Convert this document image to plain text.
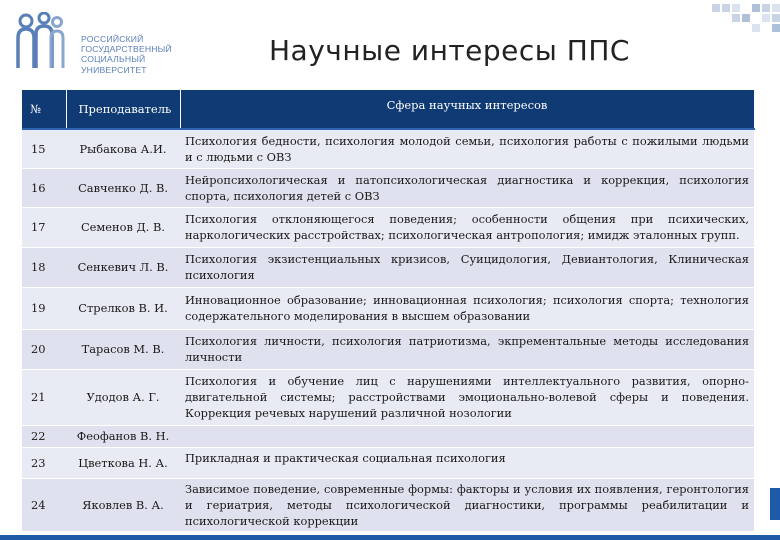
РОССИЙСКИЙ
ГОСУДАРСТВЕННЫЙ
СОЦИАЛЬНЫЙ
УНИВЕРСИТЕТ
Научные интересы ППС
№	Преподаватель	Сфера научных интересов
15	Рыбакова А.И.	Психология бедности, психология молодой семьи, психология работы с пожилыми людьми и с людьми с ОВЗ
16	Савченко Д. В.	Нейропсихологическая и патопсихологическая диагностика и коррекция, психология спорта, психология детей с ОВЗ
17	Семенов Д. В.	Психология отклоняющегося поведения; особенности общения при психических, наркологических расстройствах; психологическая антропология; имидж эталонных групп.
18	Сенкевич Л. В.	Психология экзистенциальных кризисов, Суицидология, Девиантология, Клиническая психология
19	Стрелков В. И.	Инновационное образование; инновационная психология; психология спорта; технология содержательного моделирования в высшем образовании
20	Тарасов М. В.	Психология личности, психология патриотизма, экпрементальные методы исследования личности
21	Удодов А. Г.	Психология и обучение лиц с нарушениями интеллектуального развития, опорно-двигательной системы; расстройствами эмоционально-волевой сферы и поведения. Коррекция речевых нарушений различной нозологии
22	Феофанов В. Н.	
23	Цветкова Н. А.	Прикладная и практическая социальная психология
24	Яковлев В. А.	Зависимое поведение, современные формы: факторы и условия их появления, геронтология и гериатрия, методы психологической диагностики, программы реабилитации и психологической коррекции
